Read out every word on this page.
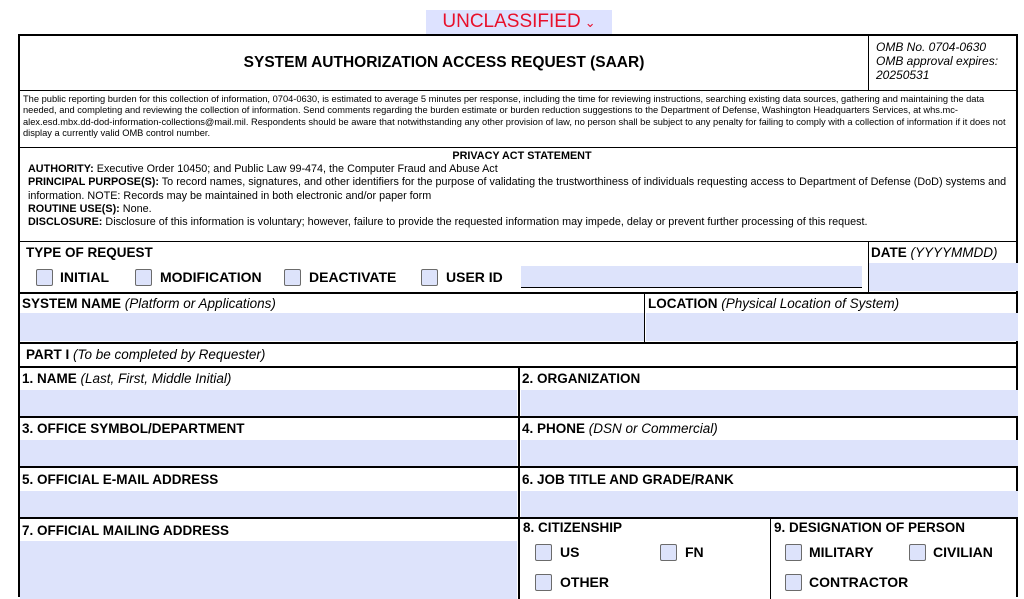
UNCLASSIFIED ⌄
SYSTEM AUTHORIZATION ACCESS REQUEST (SAAR)
OMB No. 0704-0630
OMB approval expires:
20250531
The public reporting burden for this collection of information, 0704-0630, is estimated to average 5 minutes per response, including the time for reviewing instructions, searching existing data sources, gathering and maintaining the data needed, and completing and reviewing the collection of information. Send comments regarding the burden estimate or burden reduction suggestions to the Department of Defense, Washington Headquarters Services, at whs.mc-alex.esd.mbx.dd-dod-information-collections@mail.mil. Respondents should be aware that notwithstanding any other provision of law, no person shall be subject to any penalty for failing to comply with a collection of information if it does not display a currently valid OMB control number.
PRIVACY ACT STATEMENT
AUTHORITY: Executive Order 10450; and Public Law 99-474, the Computer Fraud and Abuse Act
PRINCIPAL PURPOSE(S): To record names, signatures, and other identifiers for the purpose of validating the trustworthiness of individuals requesting access to Department of Defense (DoD) systems and information. NOTE: Records may be maintained in both electronic and/or paper form
ROUTINE USE(S): None.
DISCLOSURE: Disclosure of this information is voluntary; however, failure to provide the requested information may impede, delay or prevent further processing of this request.
TYPE OF REQUEST	DATE (YYYYMMDD)
INITIAL	MODIFICATION	DEACTIVATE	USER ID
SYSTEM NAME (Platform or Applications)	LOCATION (Physical Location of System)
PART I (To be completed by Requester)
1. NAME (Last, First, Middle Initial)	2. ORGANIZATION
3. OFFICE SYMBOL/DEPARTMENT	4. PHONE (DSN or Commercial)
5. OFFICIAL E-MAIL ADDRESS	6. JOB TITLE AND GRADE/RANK
7. OFFICIAL MAILING ADDRESS	8. CITIZENSHIP
US	FN
OTHER
9. DESIGNATION OF PERSON
MILITARY	CIVILIAN
CONTRACTOR
